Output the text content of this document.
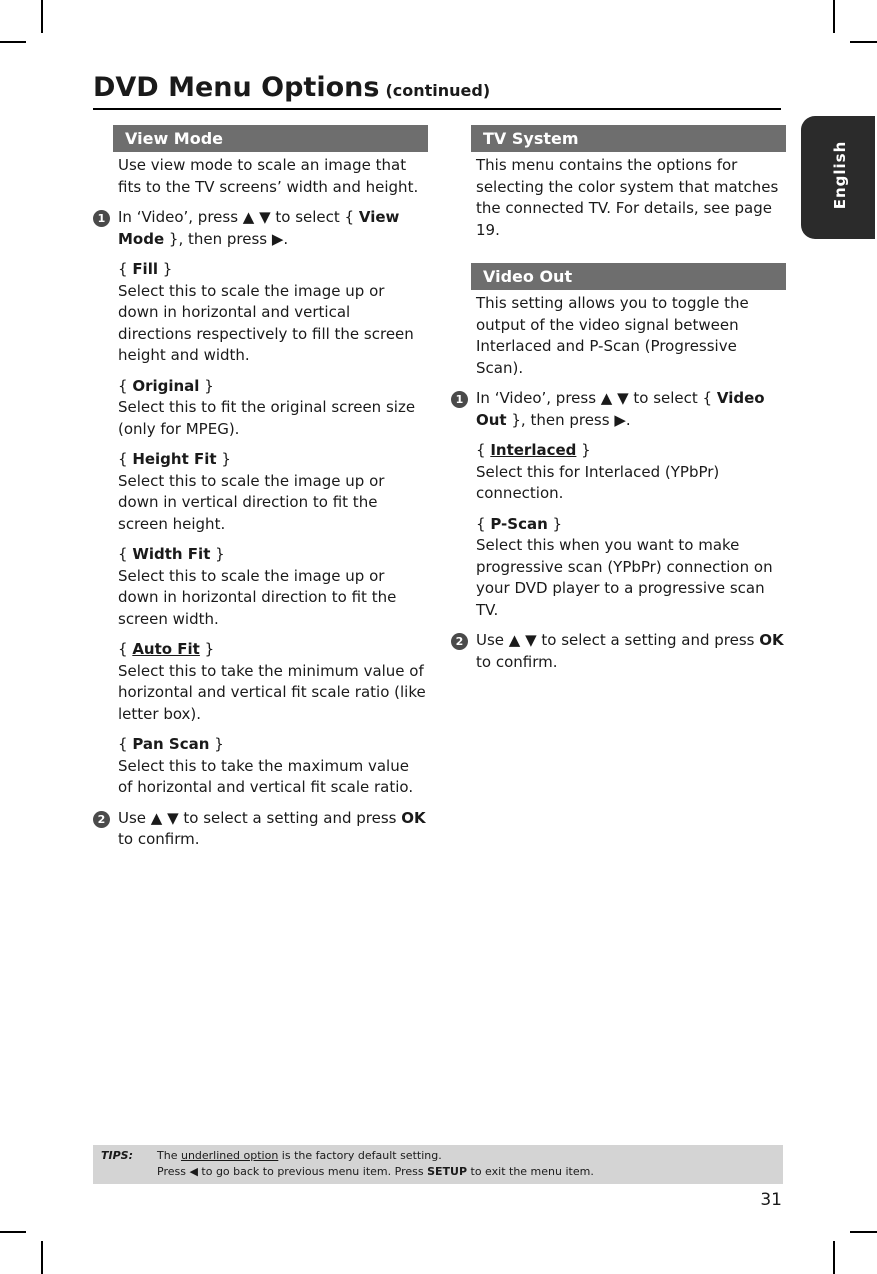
DVD Menu Options (continued)
English
View Mode

Use view mode to scale an image that fits to the TV screens’ width and height.

1 In ‘Video’, press ▲ ▼ to select { View Mode }, then press ▶.
{ Fill }
Select this to scale the image up or down in horizontal and vertical directions respectively to fill the screen height and width.
{ Original }
Select this to fit the original screen size (only for MPEG).
{ Height Fit }
Select this to scale the image up or down in vertical direction to fit the screen height.
{ Width Fit }
Select this to scale the image up or down in horizontal direction to fit the screen width.
{ Auto Fit }
Select this to take the minimum value of horizontal and vertical fit scale ratio (like letter box).
{ Pan Scan }
Select this to take the maximum value of horizontal and vertical fit scale ratio.
2 Use ▲ ▼ to select a setting and press OK to confirm.
TV System

This menu contains the options for selecting the color system that matches the connected TV. For details, see page 19.

Video Out

This setting allows you to toggle the output of the video signal between Interlaced and P-Scan (Progressive Scan).

1 In ‘Video’, press ▲ ▼ to select { Video Out }, then press ▶.
{ Interlaced }
Select this for Interlaced (YPbPr) connection.
{ P-Scan }
Select this when you want to make progressive scan (YPbPr) connection on your DVD player to a progressive scan TV.
2 Use ▲ ▼ to select a setting and press OK to confirm.
TIPS: The underlined option is the factory default setting.
Press ◀ to go back to previous menu item. Press SETUP to exit the menu item.
31
